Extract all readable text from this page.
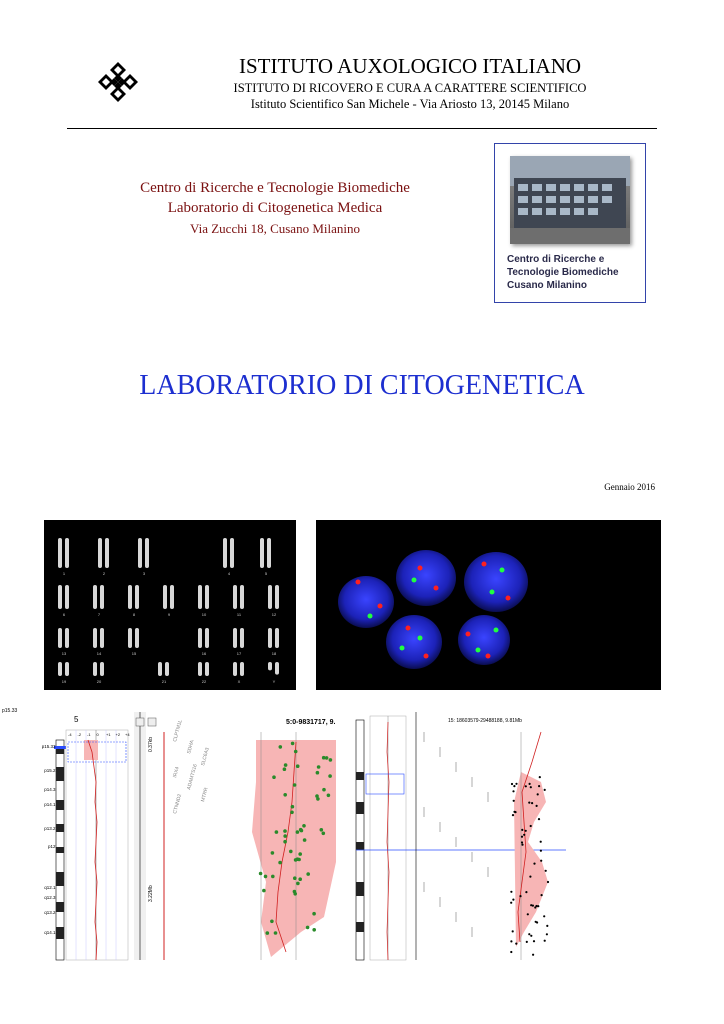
ISTITUTO AUXOLOGICO ITALIANO
ISTITUTO DI RICOVERO E CURA A CARATTERE SCIENTIFICO
Istituto Scientifico San Michele - Via Ariosto 13, 20145 Milano
Centro di Ricerche e Tecnologie Biomediche
Laboratorio di Citogenetica Medica
Via Zucchi 18, Cusano Milanino
Centro di Ricerche e
Tecnologie Biomediche
Cusano Milanino
LABORATORIO DI CITOGENETICA
Gennaio 2016
1	2	3	4	5
6	7	8	9	10	11	12
13	14	15	16	17	18
19	20	21	22	X	Y
5
p15.33
0.37kb
3.22Mb
CLPTM1L
SDHA SLC6A3
IRX4 ADAMTS16
MTRR
CTNND2
5:0-9831717, 9.
p15.33
p15.2
p14.3
p14.1
p13.2
p12
q12.1
q12.3
q13.2
q14.1
-4 -2 -1 0 +1 +2 +4
15: 18603579-29488188, 9.81Mb
